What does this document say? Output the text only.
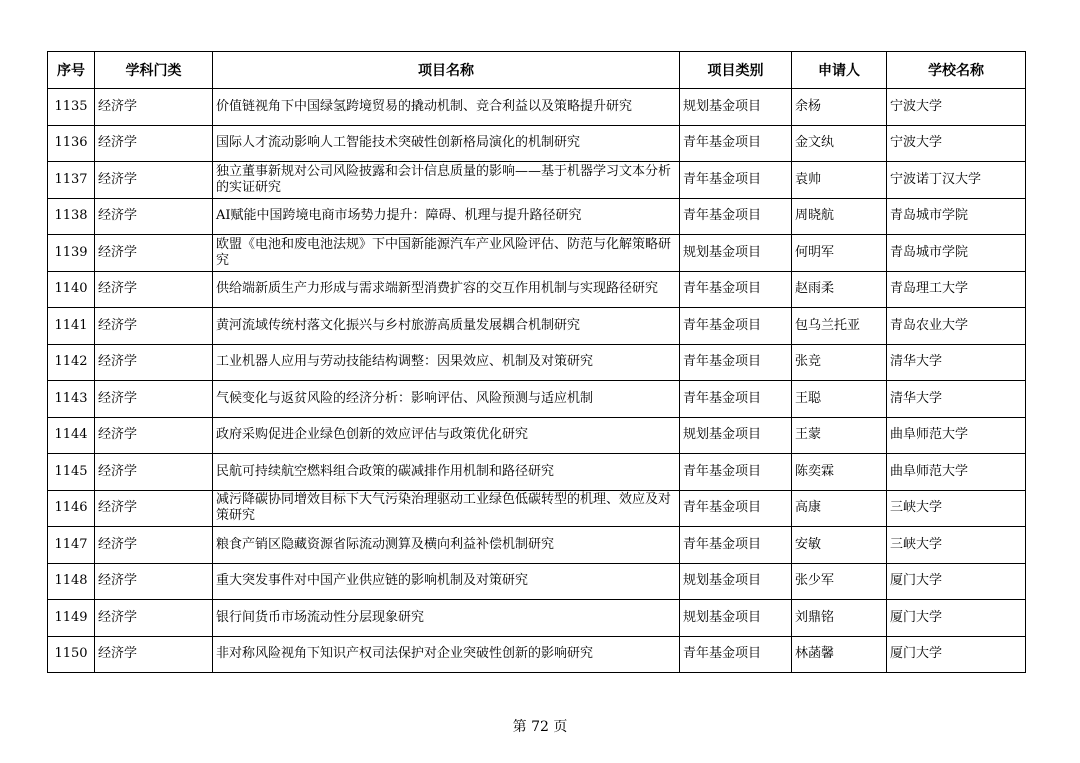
序号	学科门类	项目名称	项目类别	申请人	学校名称
1135	经济学	价值链视角下中国绿氢跨境贸易的撬动机制、竞合利益以及策略提升研究	规划基金项目	余杨	宁波大学
1136	经济学	国际人才流动影响人工智能技术突破性创新格局演化的机制研究	青年基金项目	金文纨	宁波大学
1137	经济学	独立董事新规对公司风险披露和会计信息质量的影响——基于机器学习文本分析的实证研究	青年基金项目	袁帅	宁波诺丁汉大学
1138	经济学	AI赋能中国跨境电商市场势力提升：障碍、机理与提升路径研究	青年基金项目	周晓航	青岛城市学院
1139	经济学	欧盟《电池和废电池法规》下中国新能源汽车产业风险评估、防范与化解策略研究	规划基金项目	何明军	青岛城市学院
1140	经济学	供给端新质生产力形成与需求端新型消费扩容的交互作用机制与实现路径研究	青年基金项目	赵雨柔	青岛理工大学
1141	经济学	黄河流域传统村落文化振兴与乡村旅游高质量发展耦合机制研究	青年基金项目	包乌兰托亚	青岛农业大学
1142	经济学	工业机器人应用与劳动技能结构调整：因果效应、机制及对策研究	青年基金项目	张竞	清华大学
1143	经济学	气候变化与返贫风险的经济分析：影响评估、风险预测与适应机制	青年基金项目	王聪	清华大学
1144	经济学	政府采购促进企业绿色创新的效应评估与政策优化研究	规划基金项目	王蒙	曲阜师范大学
1145	经济学	民航可持续航空燃料组合政策的碳减排作用机制和路径研究	青年基金项目	陈奕霖	曲阜师范大学
1146	经济学	减污降碳协同增效目标下大气污染治理驱动工业绿色低碳转型的机理、效应及对策研究	青年基金项目	高康	三峡大学
1147	经济学	粮食产销区隐藏资源省际流动测算及横向利益补偿机制研究	青年基金项目	安敏	三峡大学
1148	经济学	重大突发事件对中国产业供应链的影响机制及对策研究	规划基金项目	张少军	厦门大学
1149	经济学	银行间货币市场流动性分层现象研究	规划基金项目	刘鼎铭	厦门大学
1150	经济学	非对称风险视角下知识产权司法保护对企业突破性创新的影响研究	青年基金项目	林菡馨	厦门大学
第 72 页
